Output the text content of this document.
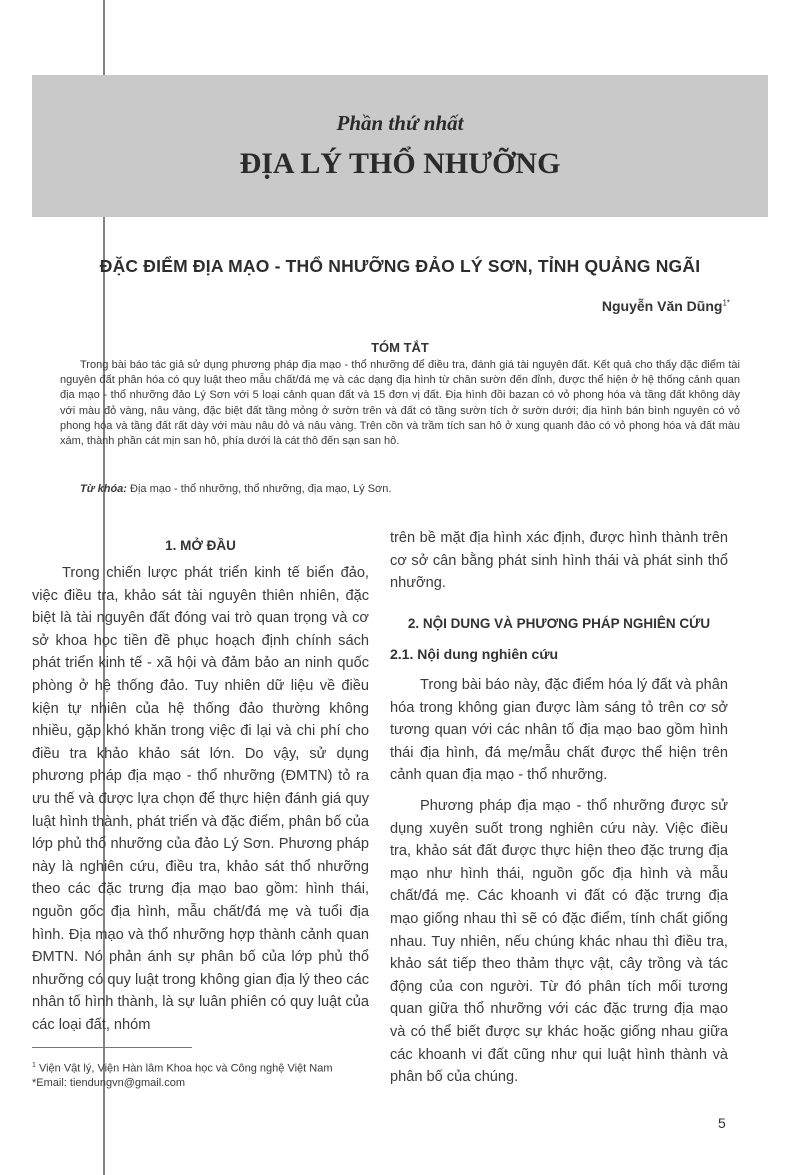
Phần thứ nhất
ĐỊA LÝ THỔ NHƯỠNG
ĐẶC ĐIỂM ĐỊA MẠO - THỔ NHƯỠNG ĐẢO LÝ SƠN, TỈNH QUẢNG NGÃI
Nguyễn Văn Dũng$^{1*}$
TÓM TẮT
Trong bài báo tác giả sử dụng phương pháp địa mạo - thổ nhưỡng để điều tra, đánh giá tài nguyên đất. Kết quả cho thấy đặc điểm tài nguyên đất phân hóa có quy luật theo mẫu chất/đá mẹ và các dạng địa hình từ chân sườn đến đỉnh, được thể hiện ở hệ thống cảnh quan địa mạo - thổ nhưỡng đảo Lý Sơn với 5 loại cảnh quan đất và 15 đơn vị đất. Địa hình đồi bazan có vỏ phong hóa và tầng đất không dày với màu đỏ vàng, nâu vàng, đặc biệt đất tầng mỏng ở sườn trên và đất có tầng sườn tích ở sườn dưới; địa hình bán bình nguyên có vỏ phong hóa và tầng đất rất dày với màu nâu đỏ và nâu vàng. Trên cồn và trầm tích san hô ở xung quanh đảo có vỏ phong hóa và đất màu xám, thành phần cát mịn san hô, phía dưới là cát thô đến sạn san hô.
Từ khóa: Địa mạo - thổ nhưỡng, thổ nhưỡng, địa mạo, Lý Sơn.
1. MỞ ĐẦU

Trong chiến lược phát triển kinh tế biển đảo, việc điều tra, khảo sát tài nguyên thiên nhiên, đặc biệt là tài nguyên đất đóng vai trò quan trọng và cơ sở khoa học tiền đề phục hoạch định chính sách phát triển kinh tế - xã hội và đảm bảo an ninh quốc phòng ở hệ thống đảo. Tuy nhiên dữ liệu về điều kiện tự nhiên của hệ thống đảo thường không nhiều, gặp khó khăn trong việc đi lại và chi phí cho điều tra khảo khảo sát lớn. Do vậy, sử dụng phương pháp địa mạo - thổ nhưỡng (ĐMTN) tỏ ra ưu thế và được lựa chọn để thực hiện đánh giá quy luật hình thành, phát triển và đặc điểm, phân bố của lớp phủ thổ nhưỡng của đảo Lý Sơn. Phương pháp này là nghiên cứu, điều tra, khảo sát thổ nhưỡng theo các đặc trưng địa mạo bao gồm: hình thái, nguồn gốc địa hình, mẫu chất/đá mẹ và tuổi địa hình. Địa mạo và thổ nhưỡng hợp thành cảnh quan ĐMTN. Nó phản ánh sự phân bố của lớp phủ thổ nhưỡng có quy luật trong không gian địa lý theo các nhân tố hình thành, là sự luân phiên có quy luật của các loại đất, nhóm

trên bề mặt địa hình xác định, được hình thành trên cơ sở cân bằng phát sinh hình thái và phát sinh thổ nhưỡng.

2. NỘI DUNG VÀ PHƯƠNG PHÁP NGHIÊN CỨU
2.1. Nội dung nghiên cứu

Trong bài báo này, đặc điểm hóa lý đất và phân hóa trong không gian được làm sáng tỏ trên cơ sở tương quan với các nhân tố địa mạo bao gồm hình thái địa hình, đá mẹ/mẫu chất được thể hiện trên cảnh quan địa mạo - thổ nhưỡng.

Phương pháp địa mạo - thổ nhưỡng được sử dụng xuyên suốt trong nghiên cứu này. Việc điều tra, khảo sát đất được thực hiện theo đặc trưng địa mạo như hình thái, nguồn gốc địa hình và mẫu chất/đá mẹ. Các khoanh vi đất có đặc trưng địa mạo giống nhau thì sẽ có đặc điểm, tính chất giống nhau. Tuy nhiên, nếu chúng khác nhau thì điều tra, khảo sát tiếp theo thảm thực vật, cây trồng và tác động của con người. Từ đó phân tích mối tương quan giữa thổ nhưỡng với các đặc trưng địa mạo và có thể biết được sự khác hoặc giống nhau giữa các khoanh vi đất cũng như qui luật hình thành và phân bố của chúng.

$^1$ Viện Vật lý, Viện Hàn lâm Khoa học và Công nghệ Việt Nam
*Email: tiendungvn@gmail.com
5
